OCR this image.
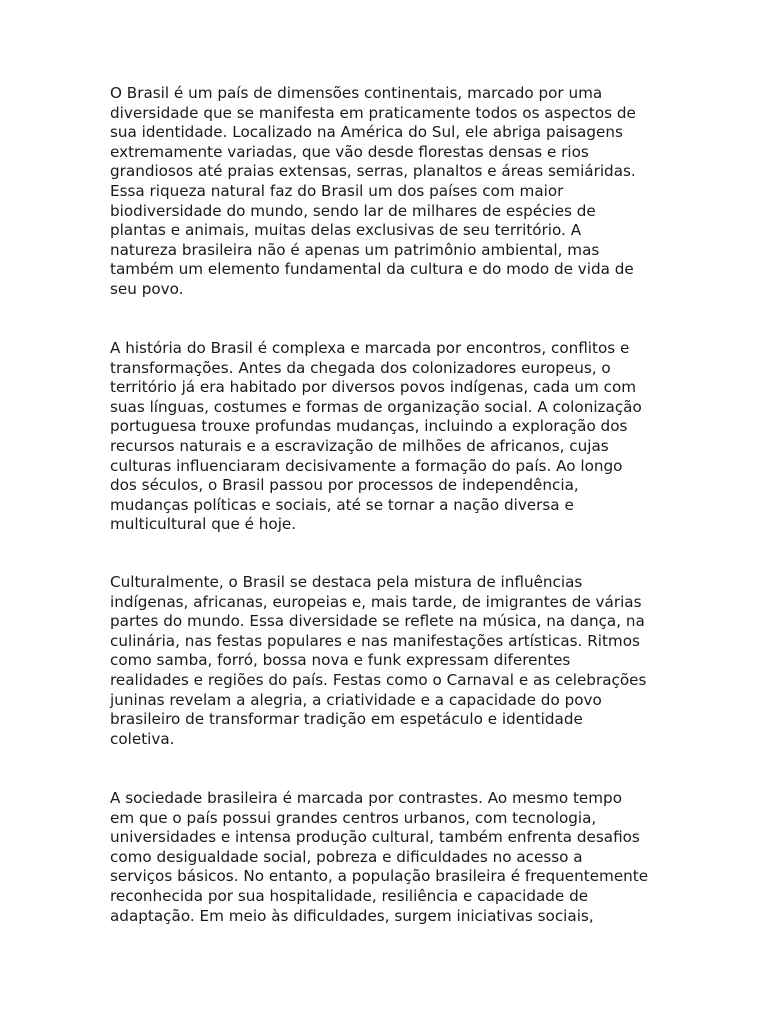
O Brasil é um país de dimensões continentais, marcado por uma
diversidade que se manifesta em praticamente todos os aspectos de
sua identidade. Localizado na América do Sul, ele abriga paisagens
extremamente variadas, que vão desde florestas densas e rios
grandiosos até praias extensas, serras, planaltos e áreas semiáridas.
Essa riqueza natural faz do Brasil um dos países com maior
biodiversidade do mundo, sendo lar de milhares de espécies de
plantas e animais, muitas delas exclusivas de seu território. A
natureza brasileira não é apenas um patrimônio ambiental, mas
também um elemento fundamental da cultura e do modo de vida de
seu povo.
A história do Brasil é complexa e marcada por encontros, conflitos e
transformações. Antes da chegada dos colonizadores europeus, o
território já era habitado por diversos povos indígenas, cada um com
suas línguas, costumes e formas de organização social. A colonização
portuguesa trouxe profundas mudanças, incluindo a exploração dos
recursos naturais e a escravização de milhões de africanos, cujas
culturas influenciaram decisivamente a formação do país. Ao longo
dos séculos, o Brasil passou por processos de independência,
mudanças políticas e sociais, até se tornar a nação diversa e
multicultural que é hoje.
Culturalmente, o Brasil se destaca pela mistura de influências
indígenas, africanas, europeias e, mais tarde, de imigrantes de várias
partes do mundo. Essa diversidade se reflete na música, na dança, na
culinária, nas festas populares e nas manifestações artísticas. Ritmos
como samba, forró, bossa nova e funk expressam diferentes
realidades e regiões do país. Festas como o Carnaval e as celebrações
juninas revelam a alegria, a criatividade e a capacidade do povo
brasileiro de transformar tradição em espetáculo e identidade
coletiva.
A sociedade brasileira é marcada por contrastes. Ao mesmo tempo
em que o país possui grandes centros urbanos, com tecnologia,
universidades e intensa produção cultural, também enfrenta desafios
como desigualdade social, pobreza e dificuldades no acesso a
serviços básicos. No entanto, a população brasileira é frequentemente
reconhecida por sua hospitalidade, resiliência e capacidade de
adaptação. Em meio às dificuldades, surgem iniciativas sociais,
